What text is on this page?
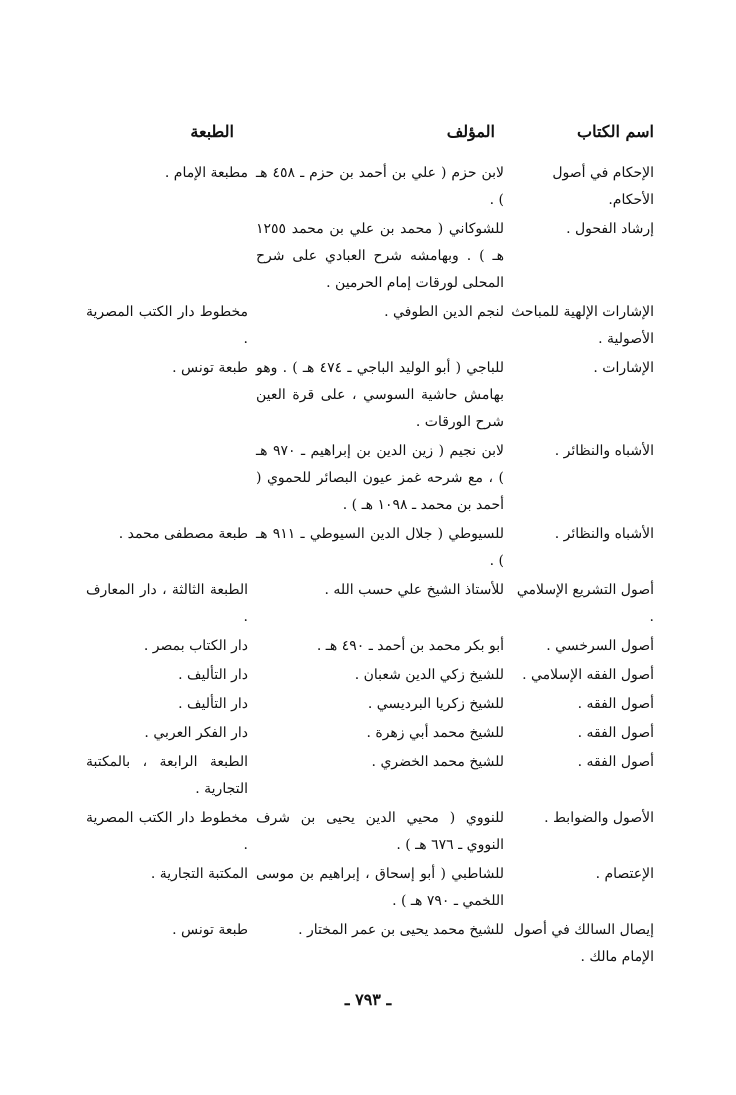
اسم الكتاب
المؤلف
الطبعة
الإحكام في أصول الأحكام.
لابن حزم ( علي بن أحمد بن حزم ـ ٤٥٨ هـ ) .
مطبعة الإمام .
إرشاد الفحول .
للشوكاني ( محمد بن علي بن محمد ١٢٥٥ هـ ) . وبهامشه شرح العبادي على شرح المحلى لورقات إمام الحرمين .
الإشارات الإلهية للمباحث الأصولية .
لنجم الدين الطوفي .
مخطوط دار الكتب المصرية .
الإشارات .
للباجي ( أبو الوليد الباجي ـ ٤٧٤ هـ ) . وهو بهامش حاشية السوسي ، على قرة العين شرح الورقات .
طبعة تونس .
الأشباه والنظائر .
لابن نجيم ( زين الدين بن إبراهيم ـ ٩٧٠ هـ ) ، مع شرحه غمز عيون البصائر للحموي ( أحمد بن محمد ـ ١٠٩٨ هـ ) .
الأشباه والنظائر .
للسيوطي ( جلال الدين السيوطي ـ ٩١١ هـ ) .
طبعة مصطفى محمد .
أصول التشريع الإسلامي .
للأستاذ الشيخ علي حسب الله .
الطبعة الثالثة ، دار المعارف .
أصول السرخسي .
أبو بكر محمد بن أحمد ـ ٤٩٠ هـ .
دار الكتاب بمصر .
أصول الفقه الإسلامي .
للشيخ زكي الدين شعبان .
دار التأليف .
أصول الفقه .
للشيخ زكريا البرديسي .
دار التأليف .
أصول الفقه .
للشيخ محمد أبي زهرة .
دار الفكر العربي .
أصول الفقه .
للشيخ محمد الخضري .
الطبعة الرابعة ، بالمكتبة التجارية .
الأصول والضوابط .
للنووي ( محيي الدين يحيى بن شرف النووي ـ ٦٧٦ هـ ) .
مخطوط دار الكتب المصرية .
الإعتصام .
للشاطبي ( أبو إسحاق ، إبراهيم بن موسى اللخمي ـ ٧٩٠ هـ ) .
المكتبة التجارية .
إيصال السالك في أصول الإمام مالك .
للشيخ محمد يحيى بن عمر المختار .
طبعة تونس .
ـ ٧٩٣ ـ
